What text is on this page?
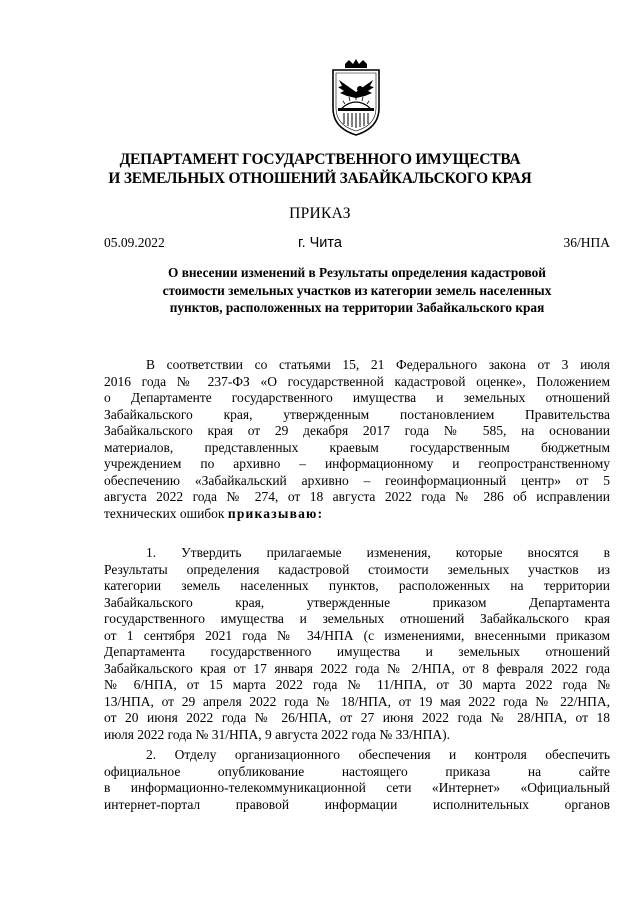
ДЕПАРТАМЕНТ ГОСУДАРСТВЕННОГО ИМУЩЕСТВА
И ЗЕМЕЛЬНЫХ ОТНОШЕНИЙ ЗАБАЙКАЛЬСКОГО КРАЯ
ПРИКАЗ
05.09.2022	г. Чита	36/НПА
О внесении изменений в Результаты определения кадастровой
стоимости земельных участков из категории земель населенных
пунктов, расположенных на территории Забайкальского края
В соответствии со статьями 15, 21 Федерального закона от 3 июля
2016 года № 237-ФЗ «О государственной кадастровой оценке», Положением
о Департаменте государственного имущества и земельных отношений
Забайкальского края, утвержденным постановлением Правительства
Забайкальского края от 29 декабря 2017 года № 585, на основании
материалов, представленных краевым государственным бюджетным
учреждением по архивно – информационному и геопространственному
обеспечению «Забайкальский архивно – геоинформационный центр» от 5
августа 2022 года № 274, от 18 августа 2022 года № 286 об исправлении
технических ошибок приказываю:
1. Утвердить прилагаемые изменения, которые вносятся в
Результаты определения кадастровой стоимости земельных участков из
категории земель населенных пунктов, расположенных на территории
Забайкальского края, утвержденные приказом Департамента
государственного имущества и земельных отношений Забайкальского края
от 1 сентября 2021 года № 34/НПА (с изменениями, внесенными приказом
Департамента государственного имущества и земельных отношений
Забайкальского края от 17 января 2022 года № 2/НПА, от 8 февраля 2022 года
№ 6/НПА, от 15 марта 2022 года № 11/НПА, от 30 марта 2022 года №
13/НПА, от 29 апреля 2022 года № 18/НПА, от 19 мая 2022 года № 22/НПА,
от 20 июня 2022 года № 26/НПА, от 27 июня 2022 года № 28/НПА, от 18
июля 2022 года № 31/НПА, 9 августа 2022 года № 33/НПА).
2. Отделу организационного обеспечения и контроля обеспечить
официальное опубликование настоящего приказа на сайте
в информационно-телекоммуникационной сети «Интернет» «Официальный
интернет-портал правовой информации исполнительных органов
